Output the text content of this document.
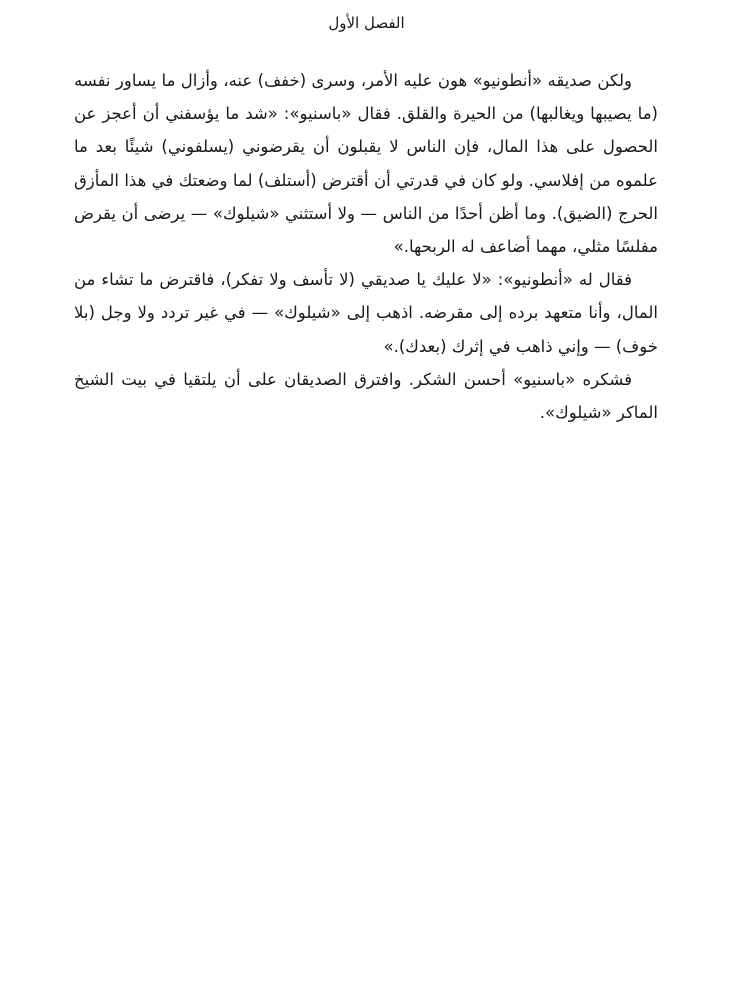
الفصل الأول

ولكن صديقه «أنطونيو» هون عليه الأمر، وسرى (خفف) عنه، وأزال ما يساور نفسه (ما يصيبها ويغالبها) من الحيرة والقلق. فقال «باسنيو»: «شد ما يؤسفني أن أعجز عن الحصول على هذا المال، فإن الناس لا يقبلون أن يقرضوني (يسلفوني) شيئًا بعد ما علموه من إفلاسي. ولو كان في قدرتي أن أقترض (أستلف) لما وضعتك في هذا المأزق الحرج (الضيق). وما أظن أحدًا من الناس — ولا أستثني «شيلوك» — يرضى أن يقرض مفلسًا مثلي، مهما أضاعف له الربحها.»

فقال له «أنطونيو»: «لا عليك يا صديقي (لا تأسف ولا تفكر)، فاقترض ما تشاء من المال، وأنا متعهد برده إلى مقرضه. اذهب إلى «شيلوك» — في غير تردد ولا وجل (بلا خوف) — وإني ذاهب في إثرك (بعدك).»

فشكره «باسنيو» أحسن الشكر. وافترق الصديقان على أن يلتقيا في بيت الشيخ الماكر «شيلوك».
